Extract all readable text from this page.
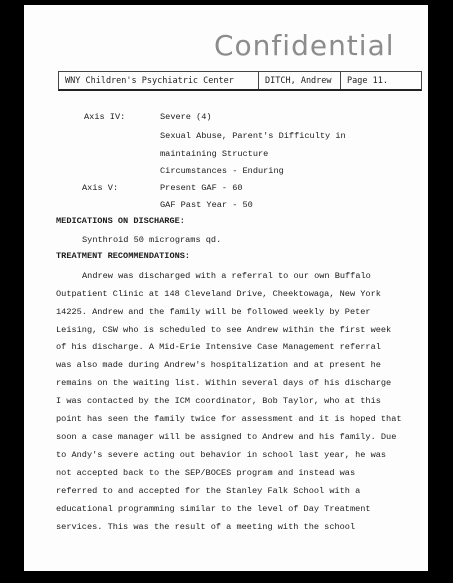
Confidential
WNY Children's Psychiatric Center	DITCH, Andrew	Page 11.
Axis IV:	Severe (4)
Sexual Abuse, Parent's Difficulty in
maintaining Structure
Circumstances - Enduring
Axis V:	Present GAF - 60
GAF Past Year - 50
MEDICATIONS ON DISCHARGE:
Synthroid 50 micrograms qd.
TREATMENT RECOMMENDATIONS:
Andrew was discharged with a referral to our own Buffalo
Outpatient Clinic at 148 Cleveland Drive, Cheektowaga, New York
14225. Andrew and the family will be followed weekly by Peter
Leising, CSW who is scheduled to see Andrew within the first week
of his discharge. A Mid-Erie Intensive Case Management referral
was also made during Andrew's hospitalization and at present he
remains on the waiting list. Within several days of his discharge
I was contacted by the ICM coordinator, Bob Taylor, who at this
point has seen the family twice for assessment and it is hoped that
soon a case manager will be assigned to Andrew and his family. Due
to Andy's severe acting out behavior in school last year, he was
not accepted back to the SEP/BOCES program and instead was
referred to and accepted for the Stanley Falk School with a
educational programming similar to the level of Day Treatment
services. This was the result of a meeting with the school
